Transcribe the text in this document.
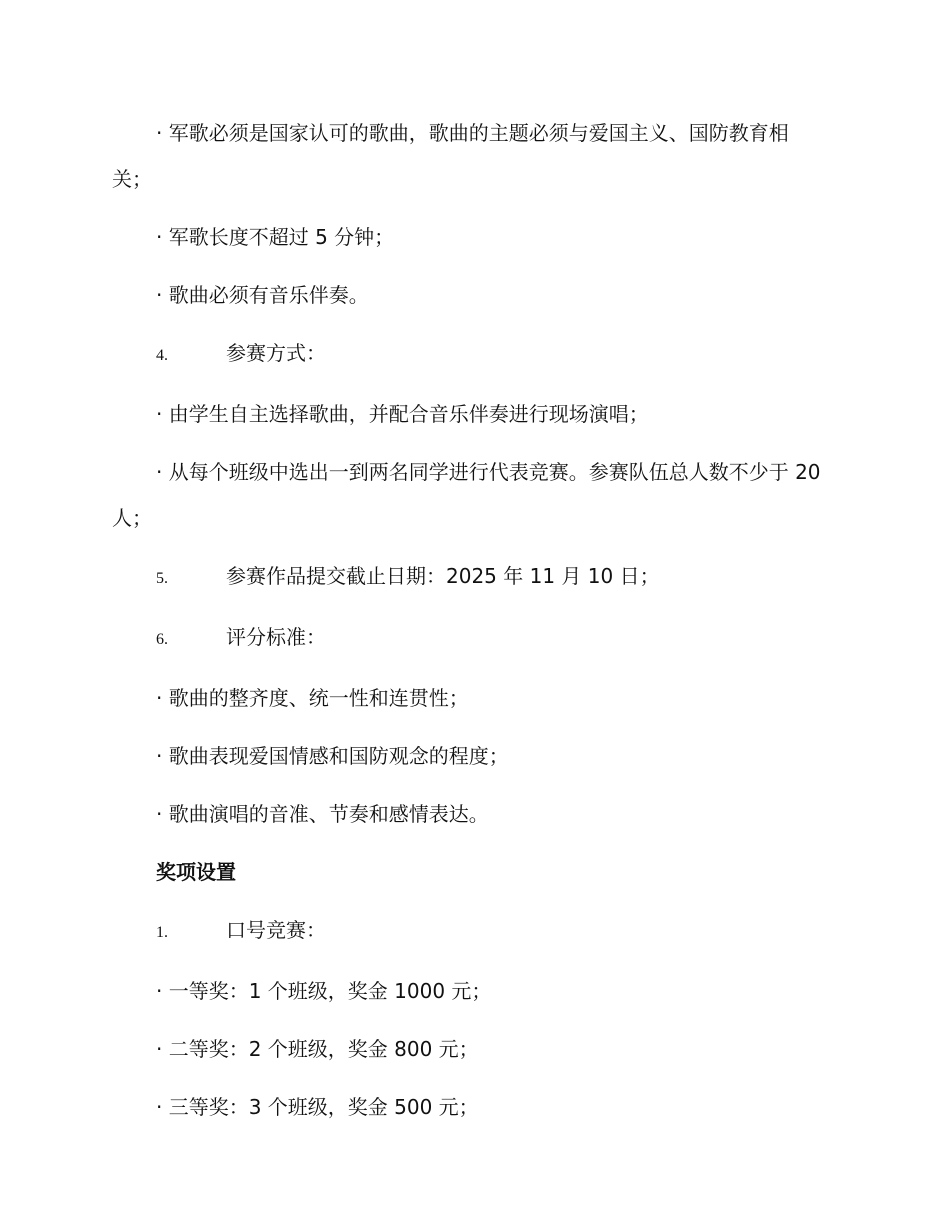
· 军歌必须是国家认可的歌曲，歌曲的主题必须与爱国主义、国防教育相关；

· 军歌长度不超过 5 分钟；

· 歌曲必须有音乐伴奏。

4.	参赛方式：

· 由学生自主选择歌曲，并配合音乐伴奏进行现场演唱；

· 从每个班级中选出一到两名同学进行代表竞赛。参赛队伍总人数不少于 20 人；

5.	参赛作品提交截止日期：2025 年 11 月 10 日；
6.	评分标准：

· 歌曲的整齐度、统一性和连贯性；

· 歌曲表现爱国情感和国防观念的程度；

· 歌曲演唱的音准、节奏和感情表达。

奖项设置
1.	口号竞赛：

· 一等奖：1 个班级，奖金 1000 元；

· 二等奖：2 个班级，奖金 800 元；

· 三等奖：3 个班级，奖金 500 元；
